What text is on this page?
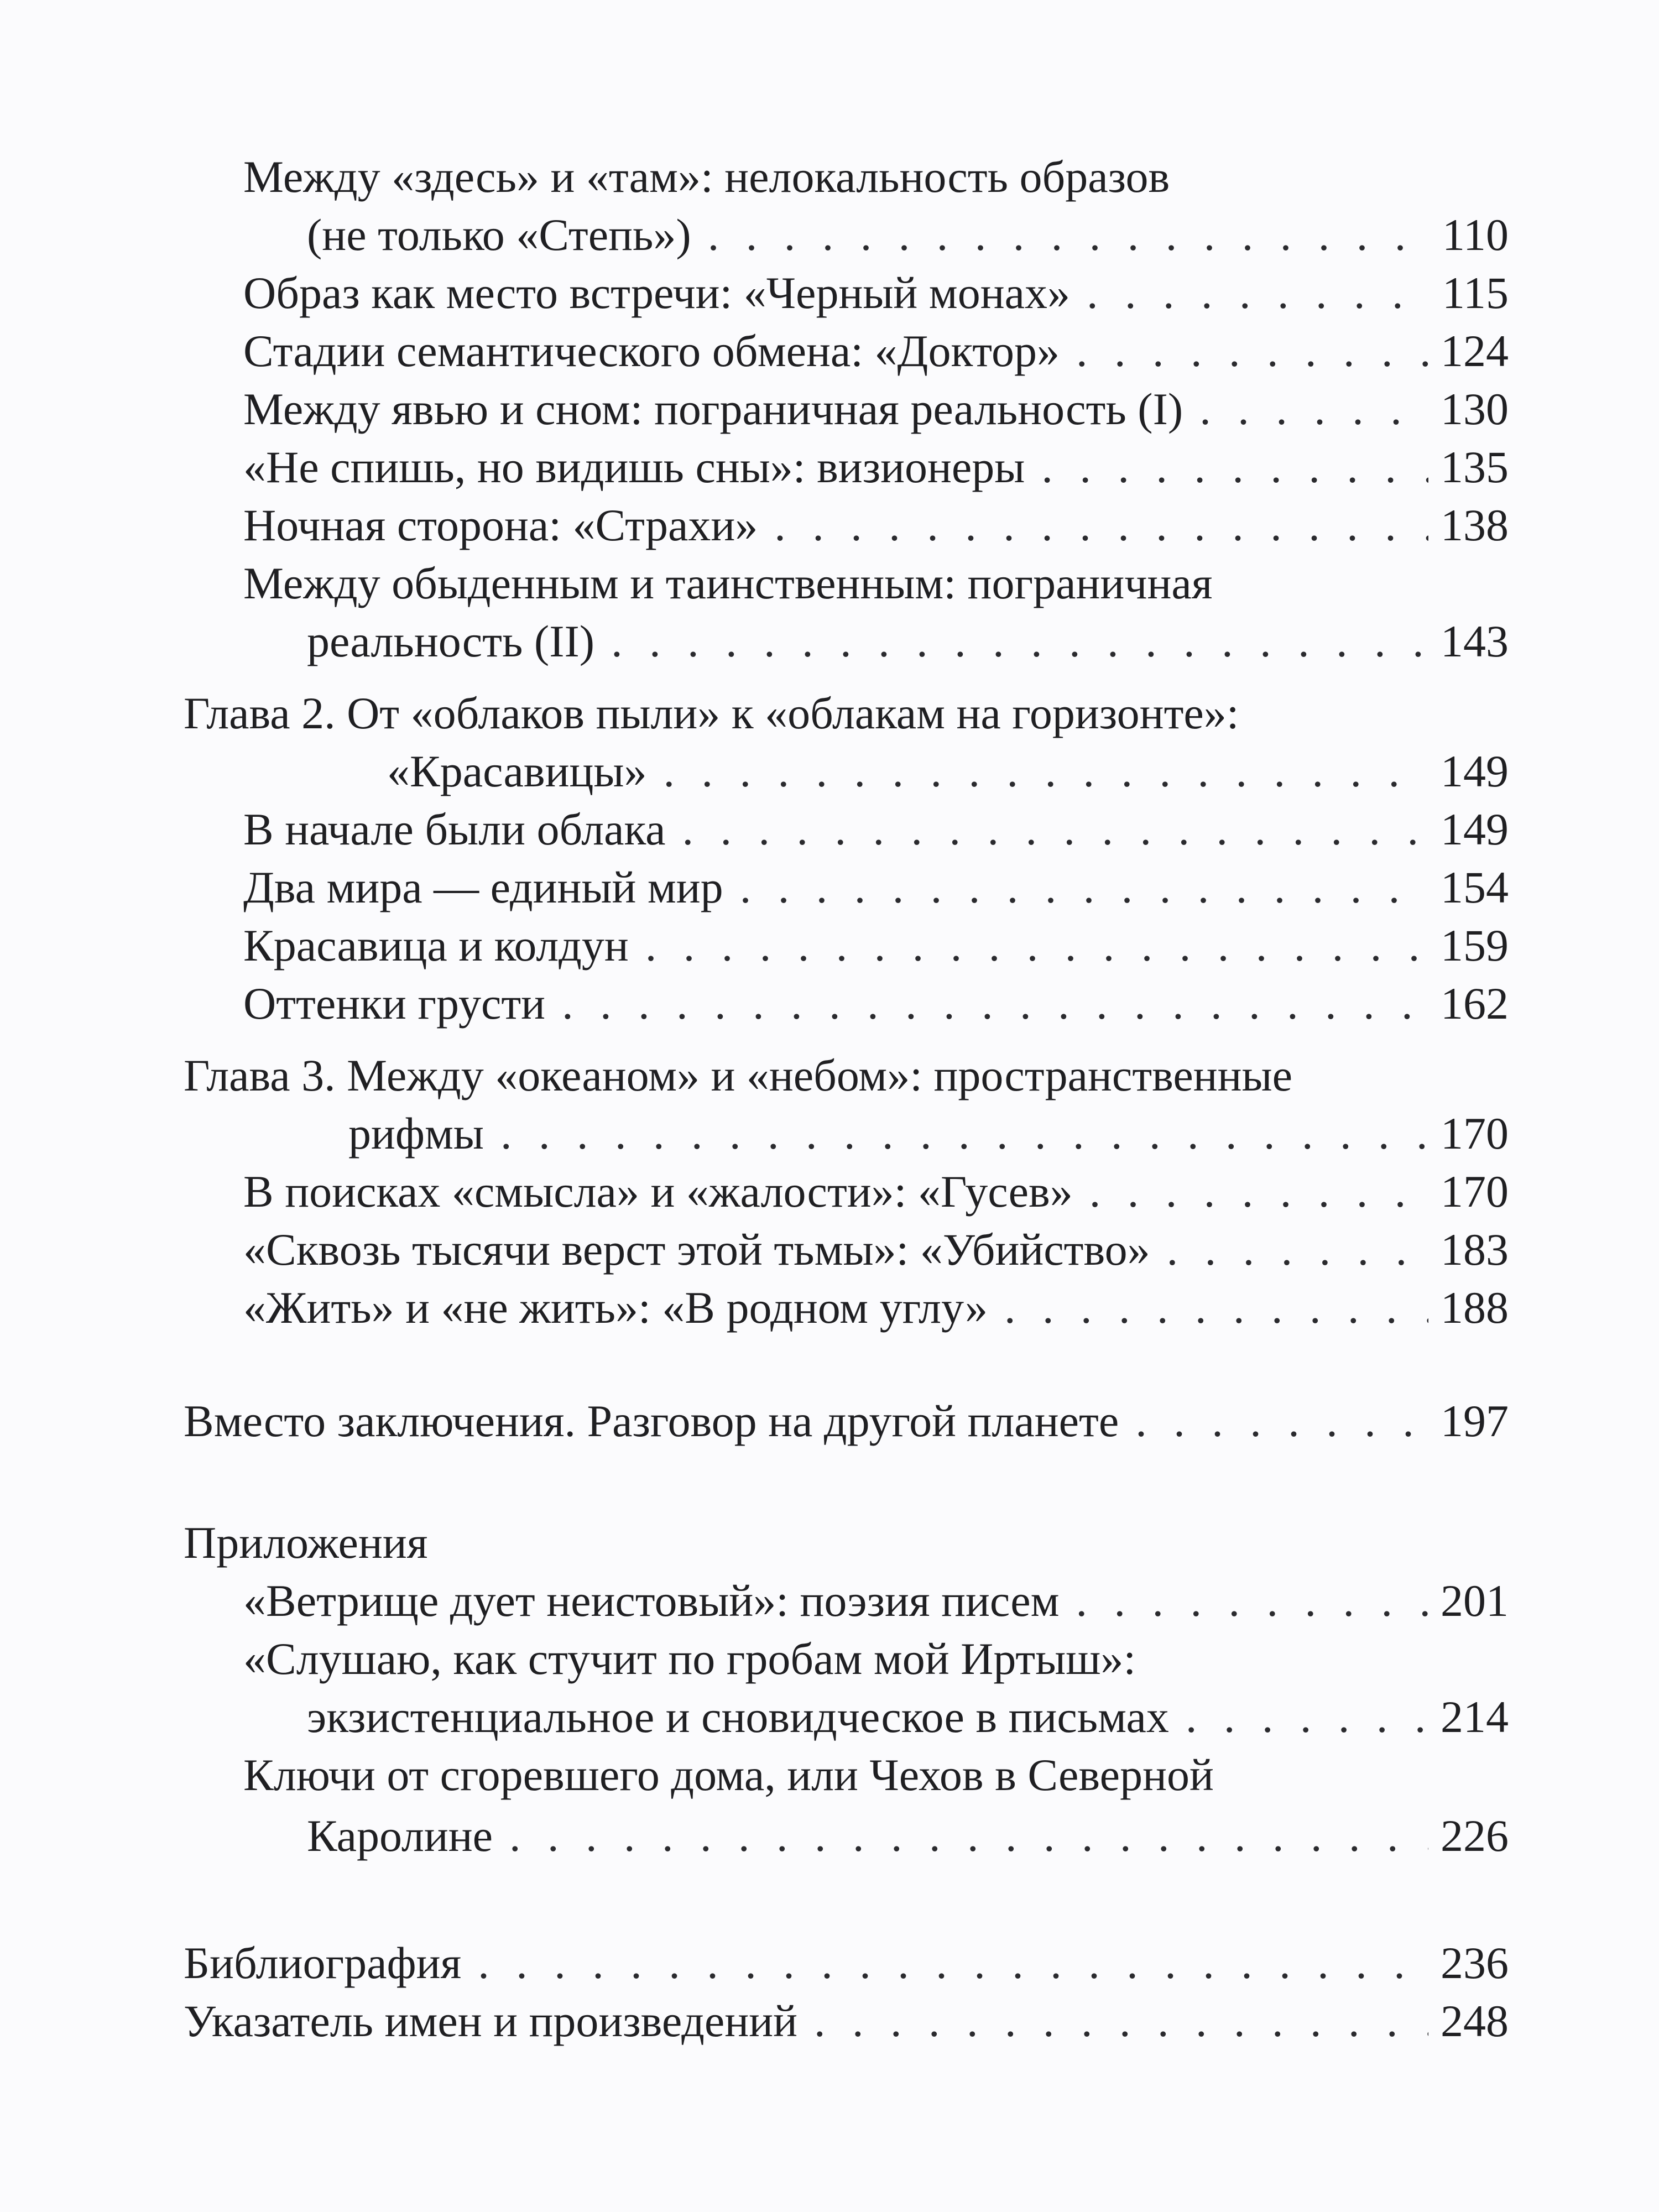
Между «здесь» и «там»: нелокальность образов
(не только «Степь») . . .	110
Образ как место встречи: «Черный монах» . . .	115
Стадии семантического обмена: «Доктор» . . .	124
Между явью и сном: пограничная реальность (I) . . .	130
«Не спишь, но видишь сны»: визионеры . . .	135
Ночная сторона: «Страхи» . . .	138
Между обыденным и таинственным: пограничная
реальность (II) . . .	143
Глава 2. От «облаков пыли» к «облакам на горизонте»:
«Красавицы» . . .	149
В начале были облака . . .	149
Два мира — единый мир . . .	154
Красавица и колдун . . .	159
Оттенки грусти . . .	162
Глава 3. Между «океаном» и «небом»: пространственные
рифмы . . .	170
В поисках «смысла» и «жалости»: «Гусев» . . .	170
«Сквозь тысячи верст этой тьмы»: «Убийство» . . .	183
«Жить» и «не жить»: «В родном углу» . . .	188
Вместо заключения. Разговор на другой планете . . .	197
Приложения
«Ветрище дует неистовый»: поэзия писем . . .	201
«Слушаю, как стучит по гробам мой Иртыш»:
экзистенциальное и сновидческое в письмах . . .	214
Ключи от сгоревшего дома, или Чехов в Северной
Каролине . . .	226
Библиография . . .	236
Указатель имен и произведений . . .	248
